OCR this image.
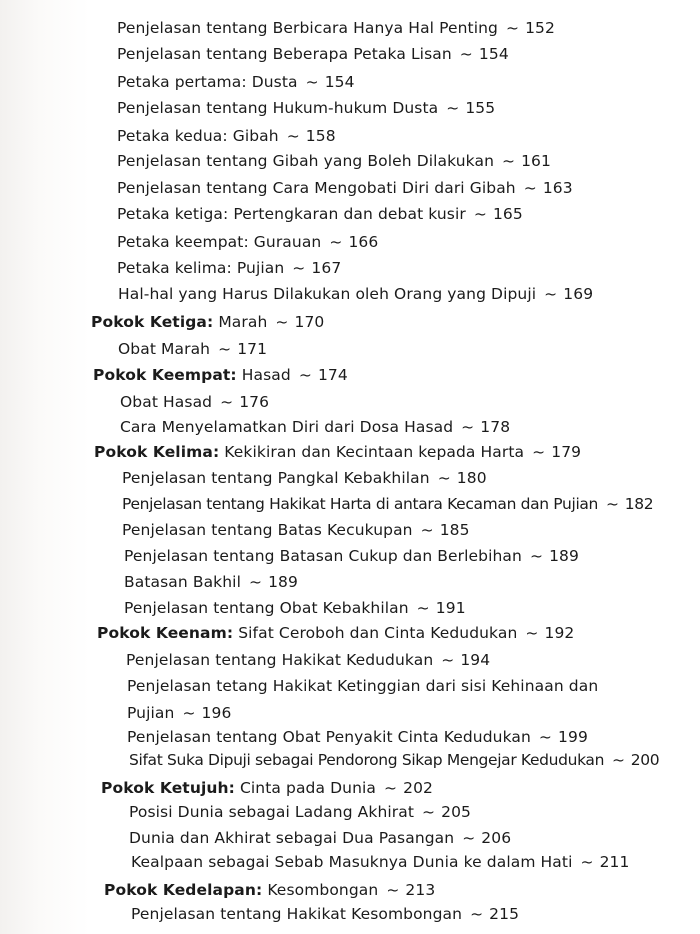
Penjelasan tentang Berbicara Hanya Hal Penting ~ 152
Penjelasan tentang Beberapa Petaka Lisan ~ 154
Petaka pertama: Dusta ~ 154
Penjelasan tentang Hukum-hukum Dusta ~ 155
Petaka kedua: Gibah ~ 158
Penjelasan tentang Gibah yang Boleh Dilakukan ~ 161
Penjelasan tentang Cara Mengobati Diri dari Gibah ~ 163
Petaka ketiga: Pertengkaran dan debat kusir ~ 165
Petaka keempat: Gurauan ~ 166
Petaka kelima: Pujian ~ 167
Hal-hal yang Harus Dilakukan oleh Orang yang Dipuji ~ 169
Pokok Ketiga: Marah ~ 170
Obat Marah ~ 171
Pokok Keempat: Hasad ~ 174
Obat Hasad ~ 176
Cara Menyelamatkan Diri dari Dosa Hasad ~ 178
Pokok Kelima: Kekikiran dan Kecintaan kepada Harta ~ 179
Penjelasan tentang Pangkal Kebakhilan ~ 180
Penjelasan tentang Hakikat Harta di antara Kecaman dan Pujian ~ 182
Penjelasan tentang Batas Kecukupan ~ 185
Penjelasan tentang Batasan Cukup dan Berlebihan ~ 189
Batasan Bakhil ~ 189
Penjelasan tentang Obat Kebakhilan ~ 191
Pokok Keenam: Sifat Ceroboh dan Cinta Kedudukan ~ 192
Penjelasan tentang Hakikat Kedudukan ~ 194
Penjelasan tetang Hakikat Ketinggian dari sisi Kehinaan dan
Pujian ~ 196
Penjelasan tentang Obat Penyakit Cinta Kedudukan ~ 199
Sifat Suka Dipuji sebagai Pendorong Sikap Mengejar Kedudukan ~ 200
Pokok Ketujuh: Cinta pada Dunia ~ 202
Posisi Dunia sebagai Ladang Akhirat ~ 205
Dunia dan Akhirat sebagai Dua Pasangan ~ 206
Kealpaan sebagai Sebab Masuknya Dunia ke dalam Hati ~ 211
Pokok Kedelapan: Kesombongan ~ 213
Penjelasan tentang Hakikat Kesombongan ~ 215
